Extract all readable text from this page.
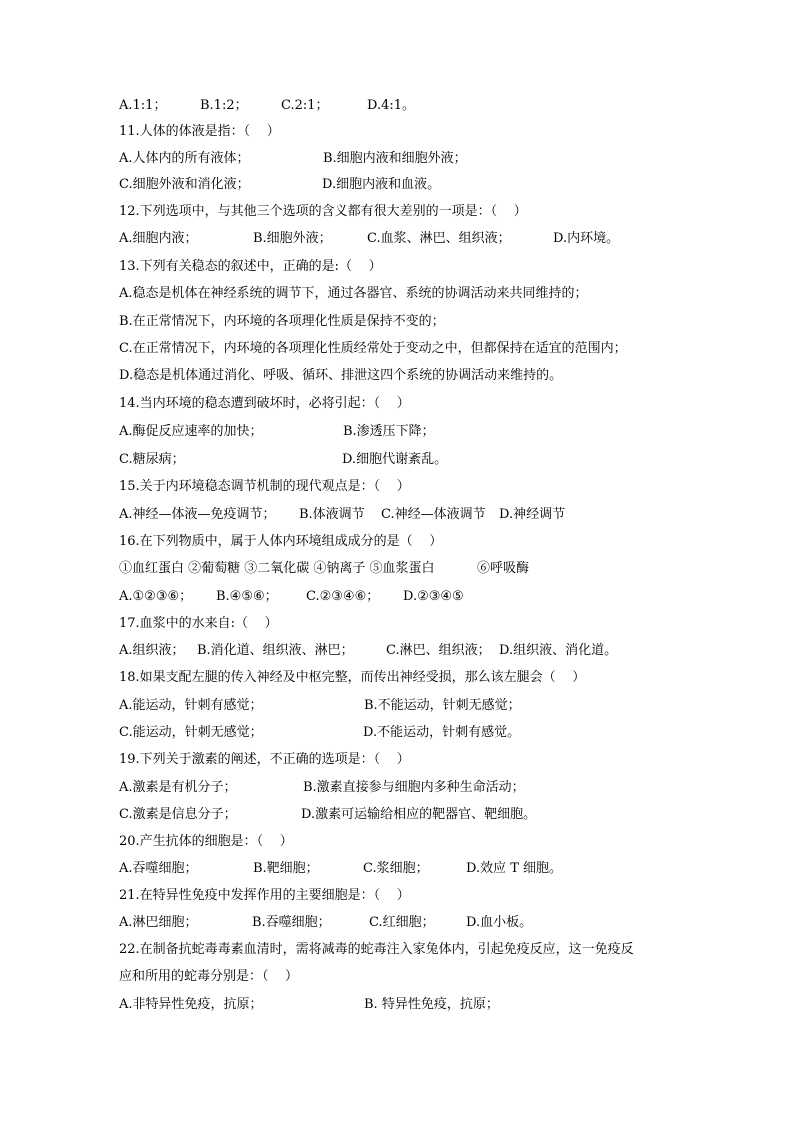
A.1:1；

	B.1:2；

	C.2:1；

	D.4:1。

11.人体的体液是指：（    ）

A.人体内的所有液体；

	B.细胞内液和细胞外液；

C.细胞外液和消化液；

	D.细胞内液和血液。

12.下列选项中，与其他三个选项的含义都有很大差别的一项是：（    ）

A.细胞内液；

	B.细胞外液；

	C.血浆、淋巴、组织液；

	D.内环境。

13.下列有关稳态的叙述中，正确的是:（    ）
A.稳态是机体在神经系统的调节下，通过各器官、系统的协调活动来共同维持的；
B.在正常情况下，内环境的各项理化性质是保持不变的；
C.在正常情况下，内环境的各项理化性质经常处于变动之中，但都保持在适宜的范围内；
D.稳态是机体通过消化、呼吸、循环、排泄这四个系统的协调活动来维持的。
14.当内环境的稳态遭到破坏时，必将引起：（    ）

A.酶促反应速率的加快；

	B.渗透压下降；

C.糖尿病；

	D.细胞代谢紊乱。

15.关于内环境稳态调节机制的现代观点是：（    ）

A.神经—体液—免疫调节；

B.体液调节

C.神经—体液调节

D.神经调节

16.在下列物质中，属于人体内环境组成成分的是（    ）

①血红蛋白 ②葡萄糖 ③二氧化碳 ④钠离子 ⑤血浆蛋白

	⑥呼吸酶

A.①②③⑥；

B.④⑤⑥；

C.②③④⑥；

D.②③④⑤

17.血浆中的水来自:（    ）

A.组织液；

B.消化道、组织液、淋巴；

C.淋巴、组织液；

D.组织液、消化道。

18.如果支配左腿的传入神经及中枢完整，而传出神经受损，那么该左腿会（    ）

A.能运动，针刺有感觉；

	B.不能运动，针刺无感觉；

C.能运动，针刺无感觉；

	D.不能运动，针刺有感觉。

19.下列关于激素的阐述，不正确的选项是：（    ）

A.激素是有机分子；

	B.激素直接参与细胞内多种生命活动；

C.激素是信息分子；

	D.激素可运输给相应的靶器官、靶细胞。

20.产生抗体的细胞是：（    ）

A.吞噬细胞；

	B.靶细胞；

	C.浆细胞；

	D.效应 T 细胞。

21.在特异性免疫中发挥作用的主要细胞是：（    ）

A.淋巴细胞；

	B.吞噬细胞；

	C.红细胞；

D.血小板。

22.在制备抗蛇毒毒素血清时，需将减毒的蛇毒注入家兔体内，引起免疫反应，这一免疫反
应和所用的蛇毒分别是：（    ）

A.非特异性免疫，抗原；

	B. 特异性免疫，抗原；
